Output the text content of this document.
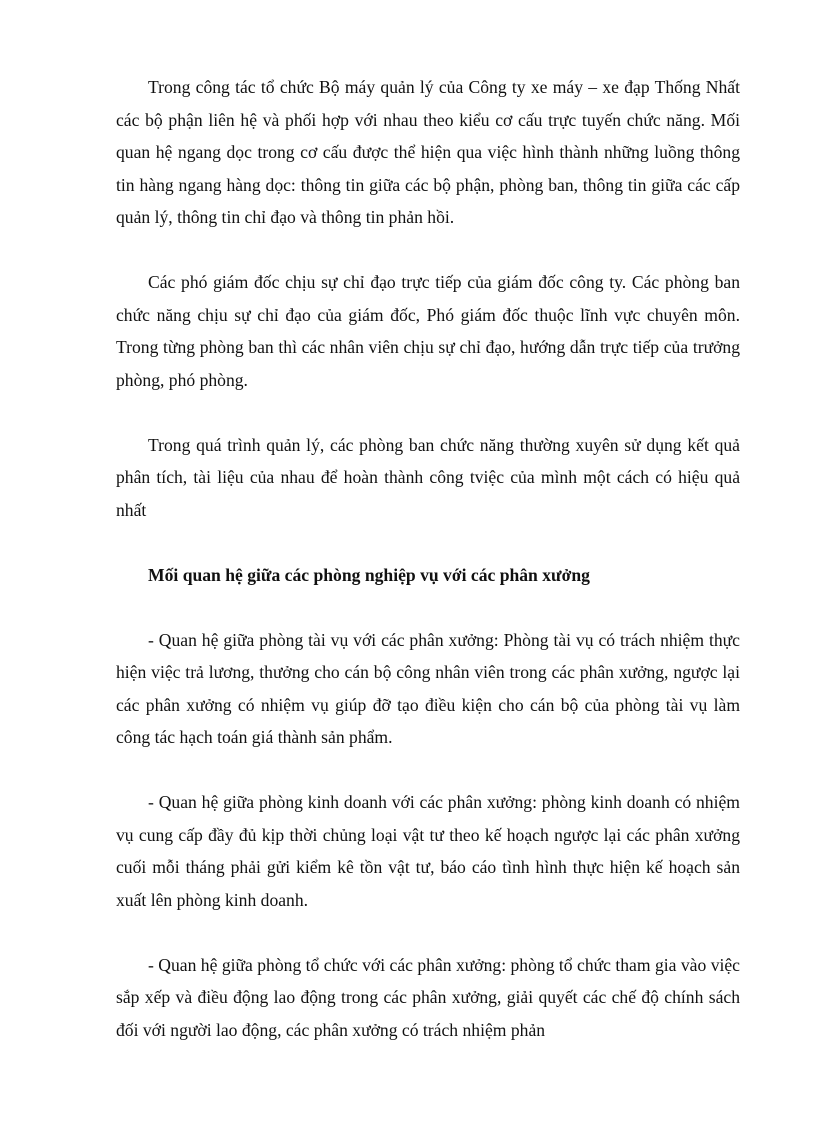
Trong công tác tổ chức Bộ máy quản lý của Công ty xe máy – xe đạp Thống Nhất các bộ phận liên hệ và phối hợp với nhau theo kiểu cơ cấu trực tuyến chức năng. Mối quan hệ ngang dọc trong cơ cấu được thể hiện qua việc hình thành những luồng thông tin hàng ngang hàng dọc: thông tin giữa các bộ phận, phòng ban, thông tin giữa các cấp quản lý, thông tin chỉ đạo và thông tin phản hồi.

Các phó giám đốc chịu sự chỉ đạo trực tiếp của giám đốc công ty. Các phòng ban chức năng chịu sự chỉ đạo của giám đốc, Phó giám đốc thuộc lĩnh vực chuyên môn. Trong từng phòng ban thì các nhân viên chịu sự chỉ đạo, hướng dẫn trực tiếp của trưởng phòng, phó phòng.

Trong quá trình quản lý, các phòng ban chức năng thường xuyên sử dụng kết quả phân tích, tài liệu của nhau để hoàn thành công tviệc của mình một cách có hiệu quả nhất

Mối quan hệ giữa các phòng nghiệp vụ với các phân xưởng

- Quan hệ giữa phòng tài vụ với các phân xưởng: Phòng tài vụ có trách nhiệm thực hiện việc trả lương, thưởng cho cán bộ công nhân viên trong các phân xưởng, ngược lại các phân xưởng có nhiệm vụ giúp đỡ tạo điều kiện cho cán bộ của phòng tài vụ làm công tác hạch toán giá thành sản phẩm.

- Quan hệ giữa phòng kinh doanh với các phân xưởng: phòng kinh doanh có nhiệm vụ cung cấp đầy đủ kịp thời chủng loại vật tư theo kế hoạch ngược lại các phân xưởng cuối mỗi tháng phải gửi kiểm kê tồn vật tư, báo cáo tình hình thực hiện kế hoạch sản xuất lên phòng kinh doanh.

- Quan hệ giữa phòng tổ chức với các phân xưởng: phòng tổ chức tham gia vào việc sắp xếp và điều động lao động trong các phân xưởng, giải quyết các chế độ chính sách đối với người lao động, các phân xưởng có trách nhiệm phản
